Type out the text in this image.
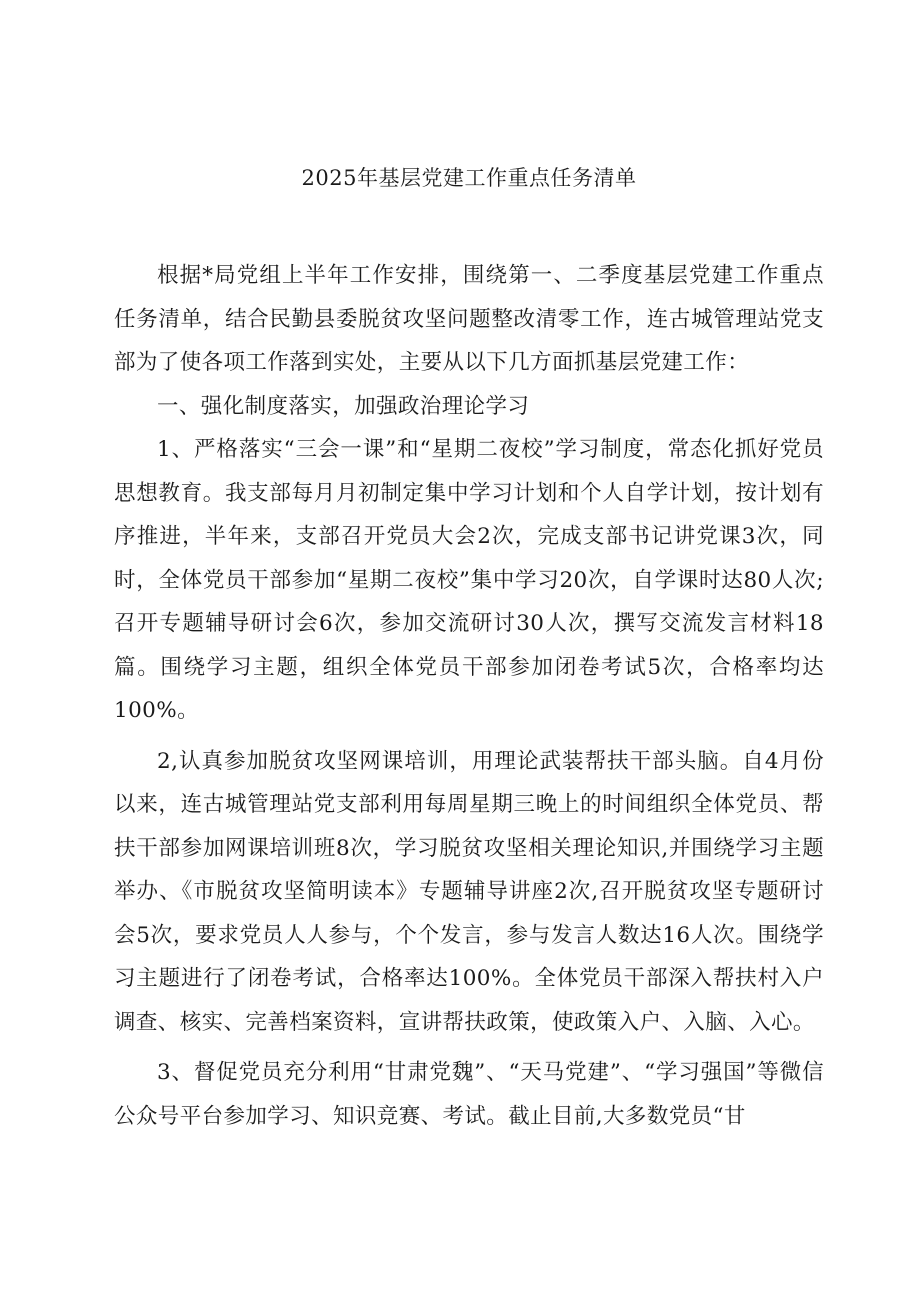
2025年基层党建工作重点任务清单

根据*局党组上半年工作安排，围绕第一、二季度基层党建工作重点任务清单，结合民勤县委脱贫攻坚问题整改清零工作，连古城管理站党支部为了使各项工作落到实处，主要从以下几方面抓基层党建工作：

一、强化制度落实，加强政治理论学习

1、严格落实“三会一课”和“星期二夜校”学习制度，常态化抓好党员思想教育。我支部每月月初制定集中学习计划和个人自学计划，按计划有序推进，半年来，支部召开党员大会2次，完成支部书记讲党课3次，同时，全体党员干部参加“星期二夜校”集中学习20次，自学课时达80人次;召开专题辅导研讨会6次，参加交流研讨30人次，撰写交流发言材料18篇。围绕学习主题，组织全体党员干部参加闭卷考试5次，合格率均达100%。

2,认真参加脱贫攻坚网课培训，用理论武装帮扶干部头脑。自4月份以来，连古城管理站党支部利用每周星期三晚上的时间组织全体党员、帮扶干部参加网课培训班8次，学习脱贫攻坚相关理论知识,并围绕学习主题举办、《市脱贫攻坚简明读本》专题辅导讲座2次,召开脱贫攻坚专题研讨会5次，要求党员人人参与，个个发言，参与发言人数达16人次。围绕学习主题进行了闭卷考试，合格率达100%。全体党员干部深入帮扶村入户调查、核实、完善档案资料，宣讲帮扶政策，使政策入户、入脑、入心。

3、督促党员充分利用“甘肃党魏”、“天马党建”、“学习强国”等微信公众号平台参加学习、知识竞赛、考试。截止目前,大多数党员“甘
